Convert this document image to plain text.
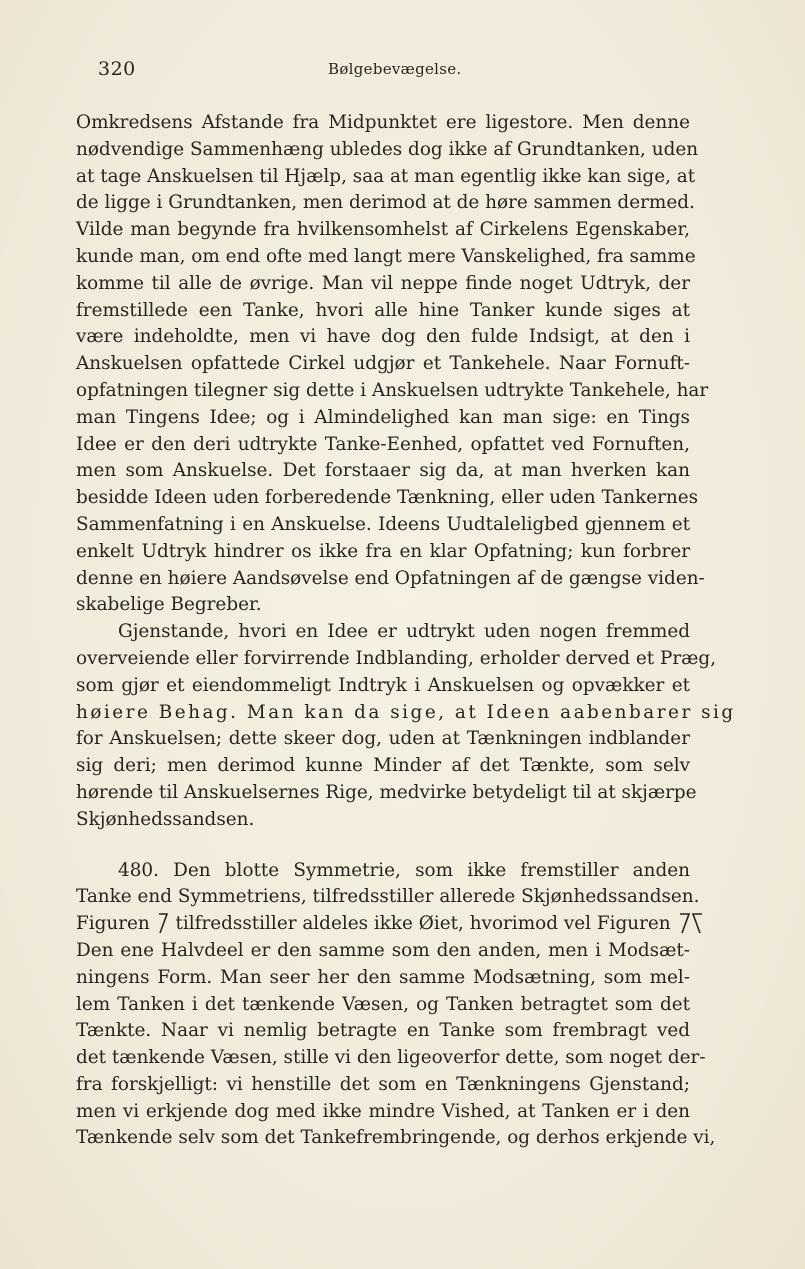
320	Bølgebevægelse.
Omkredsens Afstande fra Midpunktet ere ligestore. Men denne
nødvendige Sammenhæng ubledes dog ikke af Grundtanken, uden
at tage Anskuelsen til Hjælp, saa at man egentlig ikke kan sige, at
de ligge i Grundtanken, men derimod at de høre sammen dermed.
Vilde man begynde fra hvilkensomhelst af Cirkelens Egenskaber,
kunde man, om end ofte med langt mere Vanskelighed, fra samme
komme til alle de øvrige. Man vil neppe finde noget Udtryk, der
fremstillede een Tanke, hvori alle hine Tanker kunde siges at
være indeholdte, men vi have dog den fulde Indsigt, at den i
Anskuelsen opfattede Cirkel udgjør et Tankehele. Naar Fornuft-
opfatningen tilegner sig dette i Anskuelsen udtrykte Tankehele, har
man Tingens Idee; og i Almindelighed kan man sige: en Tings
Idee er den deri udtrykte Tanke-Eenhed, opfattet ved Fornuften,
men som Anskuelse. Det forstaaer sig da, at man hverken kan
besidde Ideen uden forberedende Tænkning, eller uden Tankernes
Sammenfatning i en Anskuelse. Ideens Uudtaleligbed gjennem et
enkelt Udtryk hindrer os ikke fra en klar Opfatning; kun forbrer
denne en høiere Aandsøvelse end Opfatningen af de gængse viden-
skabelige Begreber.
Gjenstande, hvori en Idee er udtrykt uden nogen fremmed
overveiende eller forvirrende Indblanding, erholder derved et Præg,
som gjør et eiendommeligt Indtryk i Anskuelsen og opvækker et
høiere Behag. Man kan da sige, at Ideen aabenbarer sig
for Anskuelsen; dette skeer dog, uden at Tænkningen indblander
sig deri; men derimod kunne Minder af det Tænkte, som selv
hørende til Anskuelsernes Rige, medvirke betydeligt til at skjærpe
Skjønhedssandsen.
480. Den blotte Symmetrie, som ikke fremstiller anden
Tanke end Symmetriens, tilfredsstiller allerede Skjønhedssandsen.
Figuren tilfredsstiller aldeles ikke Øiet, hvorimod vel Figuren
Den ene Halvdeel er den samme som den anden, men i Modsæt-
ningens Form. Man seer her den samme Modsætning, som mel-
lem Tanken i det tænkende Væsen, og Tanken betragtet som det
Tænkte. Naar vi nemlig betragte en Tanke som frembragt ved
det tænkende Væsen, stille vi den ligeoverfor dette, som noget der-
fra forskjelligt: vi henstille det som en Tænkningens Gjenstand;
men vi erkjende dog med ikke mindre Vished, at Tanken er i den
Tænkende selv som det Tankefrembringende, og derhos erkjende vi,
